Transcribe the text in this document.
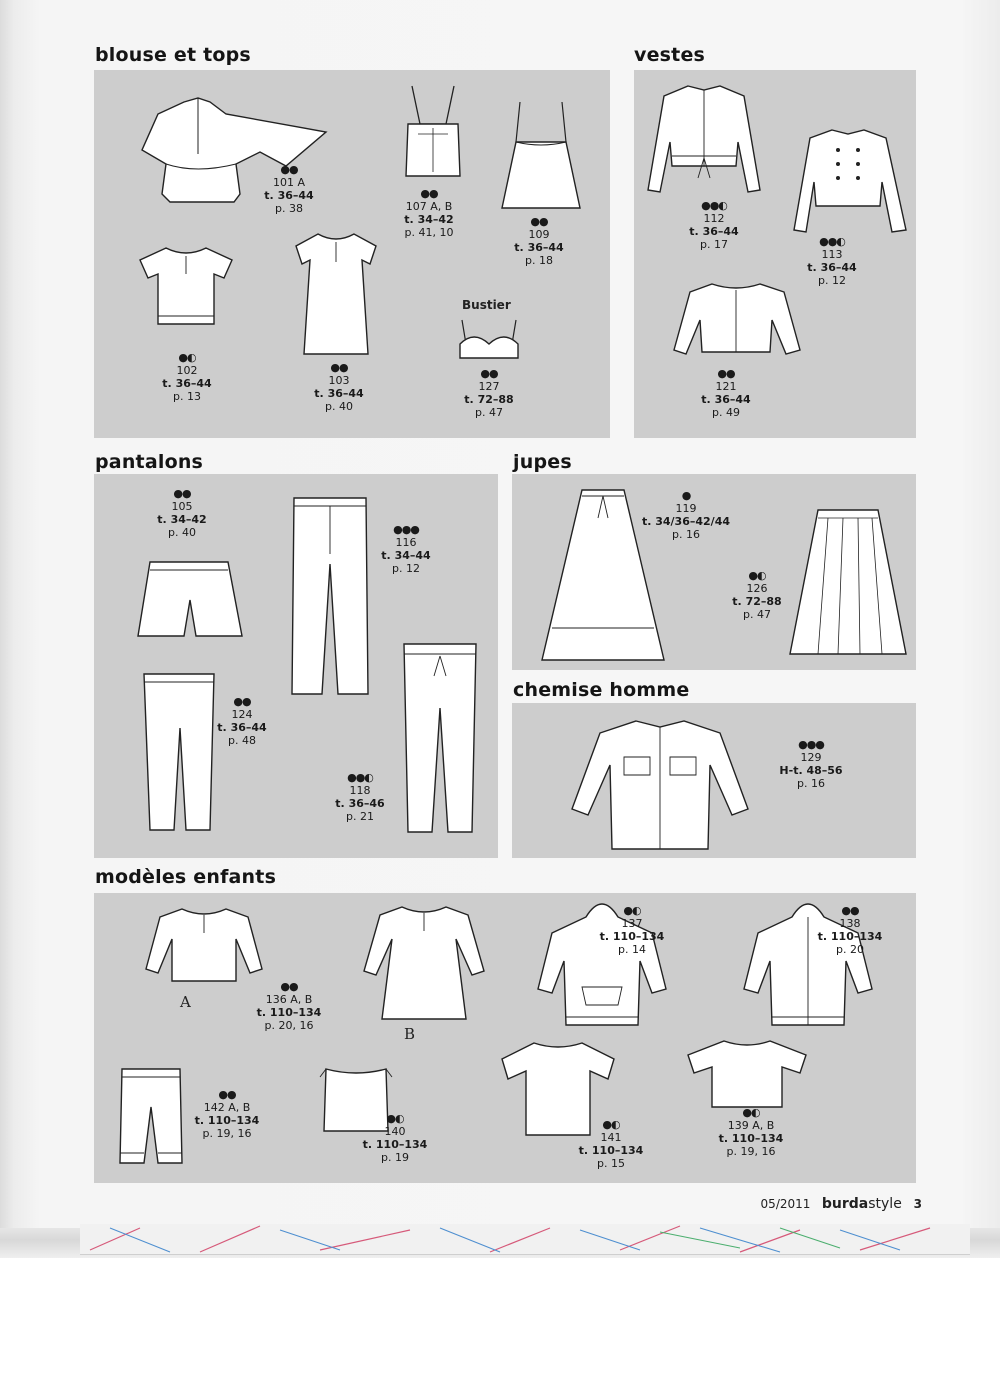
blouse et tops
●●
101 A
t. 36–44
p. 38
●●
107 A, B
t. 34–42
p. 41, 10
●●
109
t. 36–44
p. 18
●◐
102
t. 36–44
p. 13
●●
103
t. 36–44
p. 40
Bustier
●●
127
t. 72–88
p. 47
vestes
●●◐
112
t. 36–44
p. 17	●●◐
113
t. 36–44
p. 12
●●
121
t. 36–44
p. 49
pantalons
●●
105
t. 34–42
p. 40	●●●
116
t. 34–44
p. 12
●●
124
t. 36–44
p. 48
●●◐
118
t. 36–46
p. 21
jupes
●
119
t. 34/36–42/44
p. 16
●◐
126
t. 72–88
p. 47
chemise homme
●●●
129
H-t. 48–56
p. 16
modèles enfants
A
B
●●
136 A, B
t. 110–134
p. 20, 16
●◐
137
t. 110–134
p. 14
●●
138
t. 110–134
p. 20
●●
142 A, B
t. 110–134
p. 19, 16
●◐
140
t. 110–134
p. 19
●◐
141
t. 110–134
p. 15
●◐
139 A, B
t. 110–134
p. 19, 16
05/2011 burdastyle 3
